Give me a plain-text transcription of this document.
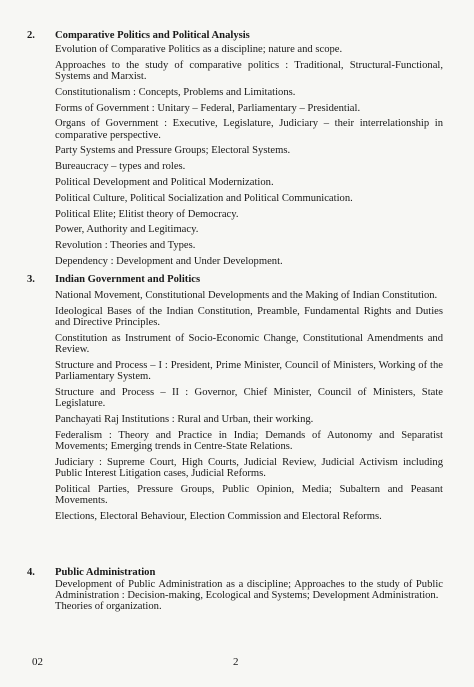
2. Comparative Politics and Political Analysis

Evolution of Comparative Politics as a discipline; nature and scope.

Approaches to the study of comparative politics : Traditional, Structural-Functional, Systems and Marxist.

Constitutionalism : Concepts, Problems and Limitations.

Forms of Government : Unitary – Federal, Parliamentary – Presidential.

Organs of Government : Executive, Legislature, Judiciary – their interrelationship in comparative perspective.

Party Systems and Pressure Groups; Electoral Systems.

Bureaucracy – types and roles.

Political Development and Political Modernization.

Political Culture, Political Socialization and Political Communication.

Political Elite; Elitist theory of Democracy.

Power, Authority and Legitimacy.

Revolution : Theories and Types.

Dependency : Development and Under Development.

3. Indian Government and Politics

National Movement, Constitutional Developments and the Making of Indian Constitution.

Ideological Bases of the Indian Constitution, Preamble, Fundamental Rights and Duties and Directive Principles.

Constitution as Instrument of Socio-Economic Change, Constitutional Amendments and Review.

Structure and Process – I : President, Prime Minister, Council of Ministers, Working of the Parliamentary System.

Structure and Process – II : Governor, Chief Minister, Council of Ministers, State Legislature.

Panchayati Raj Institutions : Rural and Urban, their working.

Federalism : Theory and Practice in India; Demands of Autonomy and Separatist Movements; Emerging trends in Centre-State Relations.

Judiciary : Supreme Court, High Courts, Judicial Review, Judicial Activism including Public Interest Litigation cases, Judicial Reforms.

Political Parties, Pressure Groups, Public Opinion, Media; Subaltern and Peasant Movements.

Elections, Electoral Behaviour, Election Commission and Electoral Reforms.

4. Public Administration

Development of Public Administration as a discipline; Approaches to the study of Public Administration : Decision-making, Ecological and Systems; Development Administration.

Theories of organization.

02	2
